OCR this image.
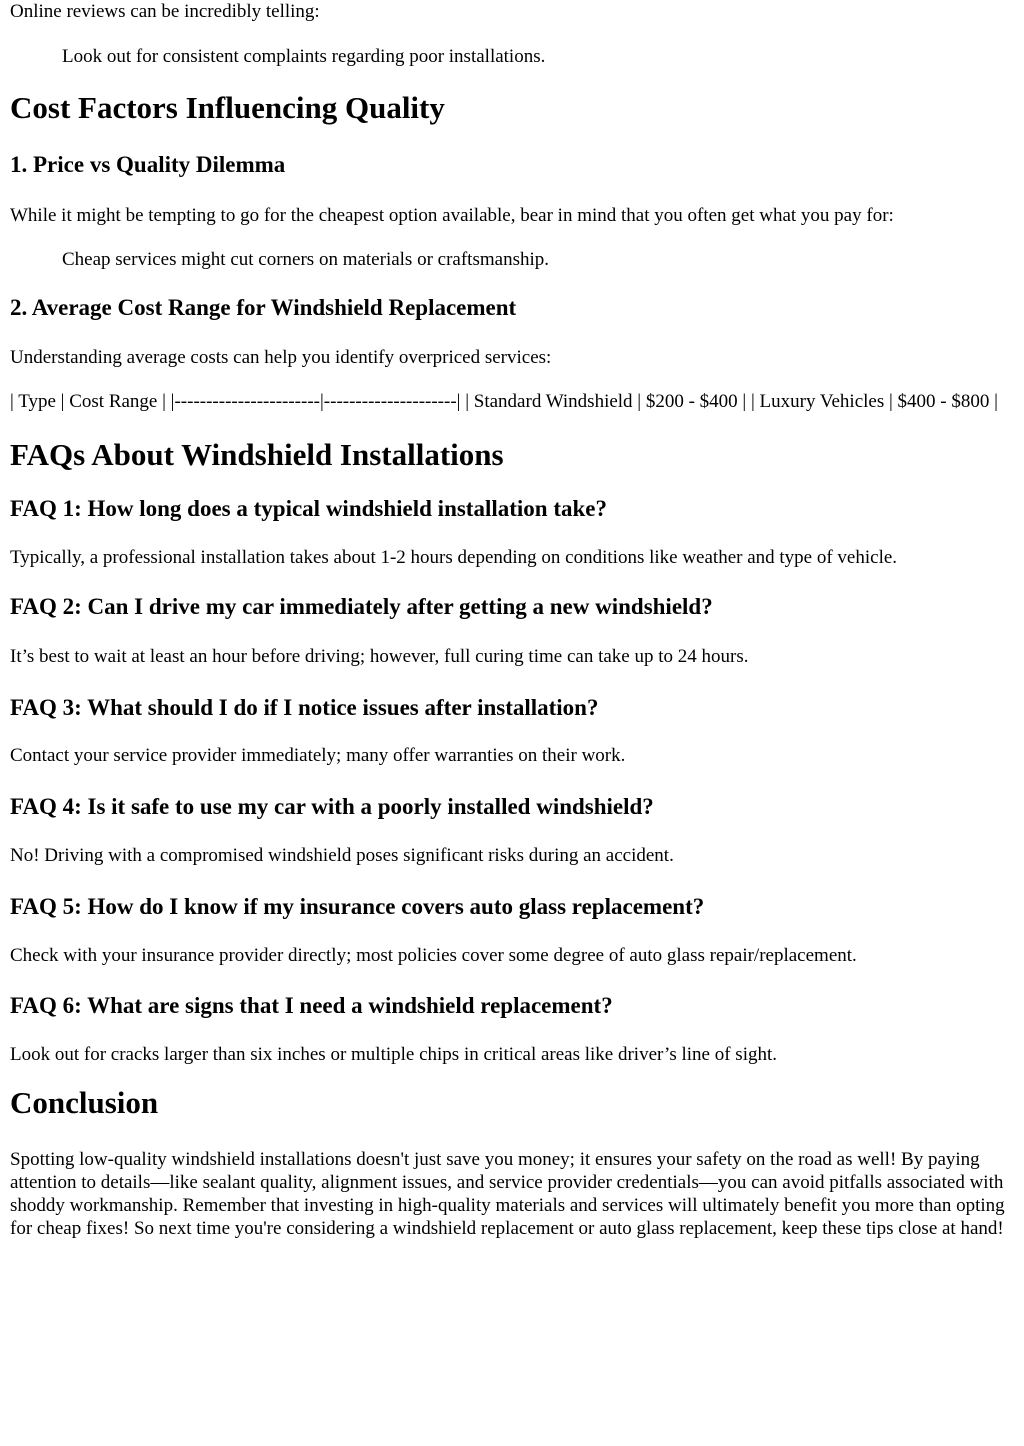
Online reviews can be incredibly telling:

Look out for consistent complaints regarding poor installations.

Cost Factors Influencing Quality
1. Price vs Quality Dilemma

While it might be tempting to go for the cheapest option available, bear in mind that you often get what you pay for:

Cheap services might cut corners on materials or craftsmanship.

2. Average Cost Range for Windshield Replacement

Understanding average costs can help you identify overpriced services:

| Type | Cost Range | |-----------------------|---------------------| | Standard Windshield | $200 - $400 | | Luxury Vehicles | $400 - $800 |

FAQs About Windshield Installations
FAQ 1: How long does a typical windshield installation take?

Typically, a professional installation takes about 1-2 hours depending on conditions like weather and type of vehicle.

FAQ 2: Can I drive my car immediately after getting a new windshield?

It’s best to wait at least an hour before driving; however, full curing time can take up to 24 hours.

FAQ 3: What should I do if I notice issues after installation?

Contact your service provider immediately; many offer warranties on their work.

FAQ 4: Is it safe to use my car with a poorly installed windshield?

No! Driving with a compromised windshield poses significant risks during an accident.

FAQ 5: How do I know if my insurance covers auto glass replacement?

Check with your insurance provider directly; most policies cover some degree of auto glass repair/replacement.

FAQ 6: What are signs that I need a windshield replacement?

Look out for cracks larger than six inches or multiple chips in critical areas like driver’s line of sight.

Conclusion

Spotting low-quality windshield installations doesn't just save you money; it ensures your safety on the road as well! By paying attention to details—like sealant quality, alignment issues, and service provider credentials—you can avoid pitfalls associated with shoddy workmanship. Remember that investing in high-quality materials and services will ultimately benefit you more than opting for cheap fixes! So next time you're considering a windshield replacement or auto glass replacement, keep these tips close at hand!
